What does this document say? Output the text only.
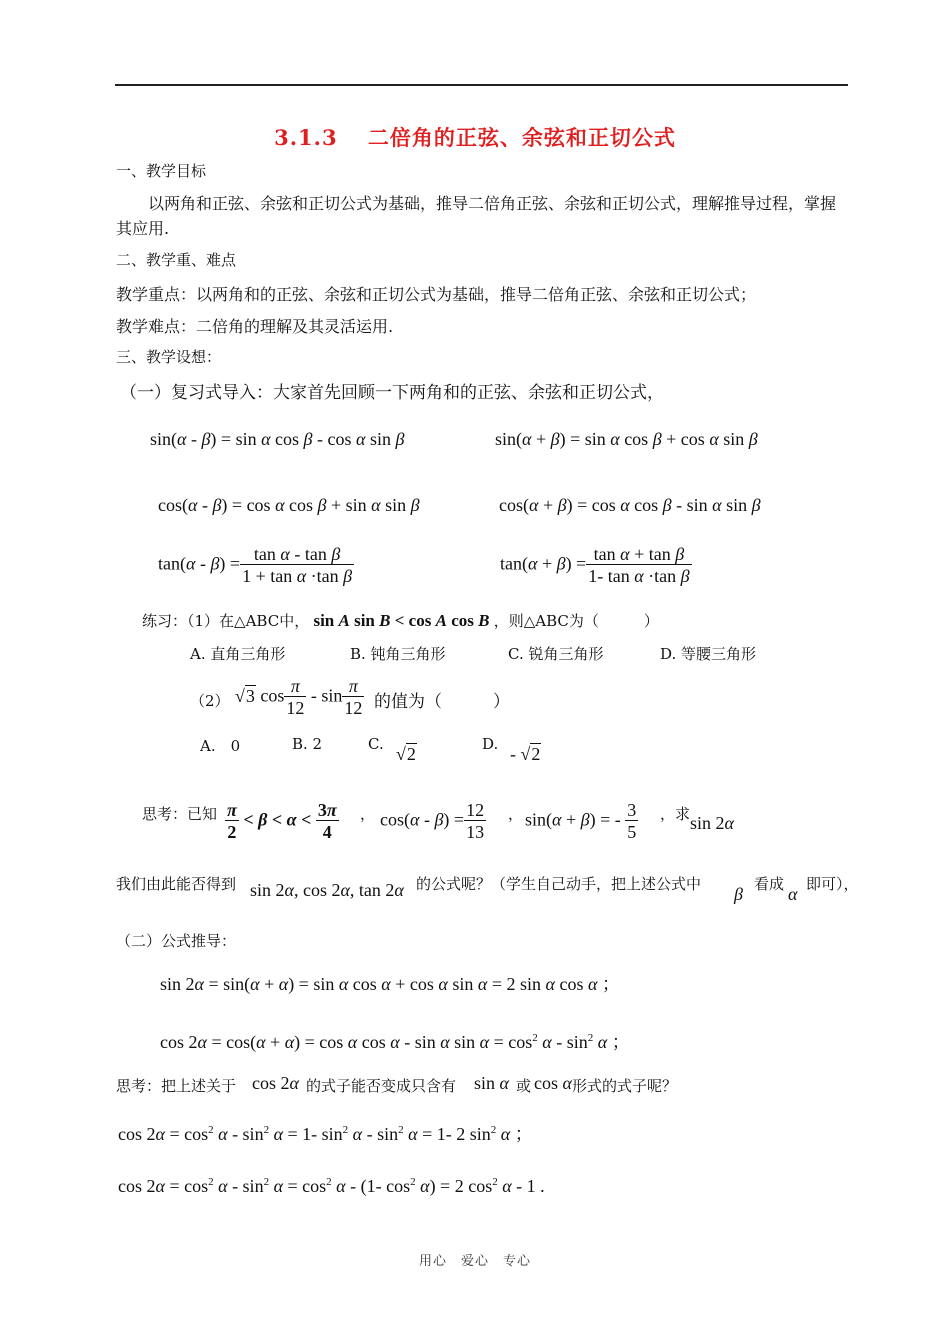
3.1.3　 二倍角的正弦、余弦和正切公式
一、教学目标
以两角和正弦、余弦和正切公式为基础，推导二倍角正弦、余弦和正切公式，理解推导过程，掌握
其应用.
二、教学重、难点
教学重点：以两角和的正弦、余弦和正切公式为基础，推导二倍角正弦、余弦和正切公式；
教学难点：二倍角的理解及其灵活运用.
三、教学设想：
（一）复习式导入：大家首先回顾一下两角和的正弦、余弦和正切公式，
sin(α - β) = sin α cos β - cos α sin β	sin(α + β) = sin α cos β + cos α sin β
cos(α - β) = cos α cos β + sin α sin β	cos(α + β) = cos α cos β - sin α sin β
$\tan(\alpha - \beta) = \frac{\text{tan α - tan β}}{\text{1 + tan α ·tan β}}$	$\tan(\alpha + \beta) = \frac{\text{tan α + tan β}}{\text{1- tan α ·tan β}}$
练习：（1）在△ABC中， sin A sin B < cos A cos B ，则△ABC为（　　　）
A. 直角三角形	B. 钝角三角形	C. 锐角三角形	D. 等腰三角形
（2） √3 $\cos \frac{\pi}{12}$ - $\sin \frac{\pi}{12}$ 的值为（　　　）
A.　0	B. 2	C. √2	D. - √2
思考：已知 $\frac{\pi}{2} < \beta < \alpha < \frac{3\pi}{4}$ ， $\cos(\alpha - \beta) = \frac{12}{13}$ ， sin(α + β) = - $\frac{3}{5}$ ，求 sin 2α
我们由此能否得到 sin 2α, cos 2α, tan 2α 的公式呢？（学生自己动手，把上述公式中 β 看成 α 即可），
（二）公式推导：
sin 2α = sin(α + α) = sin α cos α + cos α sin α = 2 sin α cos α ；
cos 2α = cos(α + α) = cos α cos α - sin α $\sin \alpha = \cos^2 \alpha - \sin^2 \alpha$ ；
思考：把上述关于 cos 2α 的式子能否变成只含有 sin α 或 cos α 形式的式子呢？
$\cos 2\alpha = \cos^2 \alpha - \sin^2 \alpha = 1-$ $\sin^2 \alpha - \sin^2 \alpha = 1-$ 2 $\sin^2 \alpha$ ；
$\cos 2\alpha = \cos^2 \alpha - \sin^2 \alpha = \cos^2 \alpha - (1-$ $\cos^2 \alpha) = 2$ $\cos^2 \alpha - 1$ .
用心　爱心　专心
